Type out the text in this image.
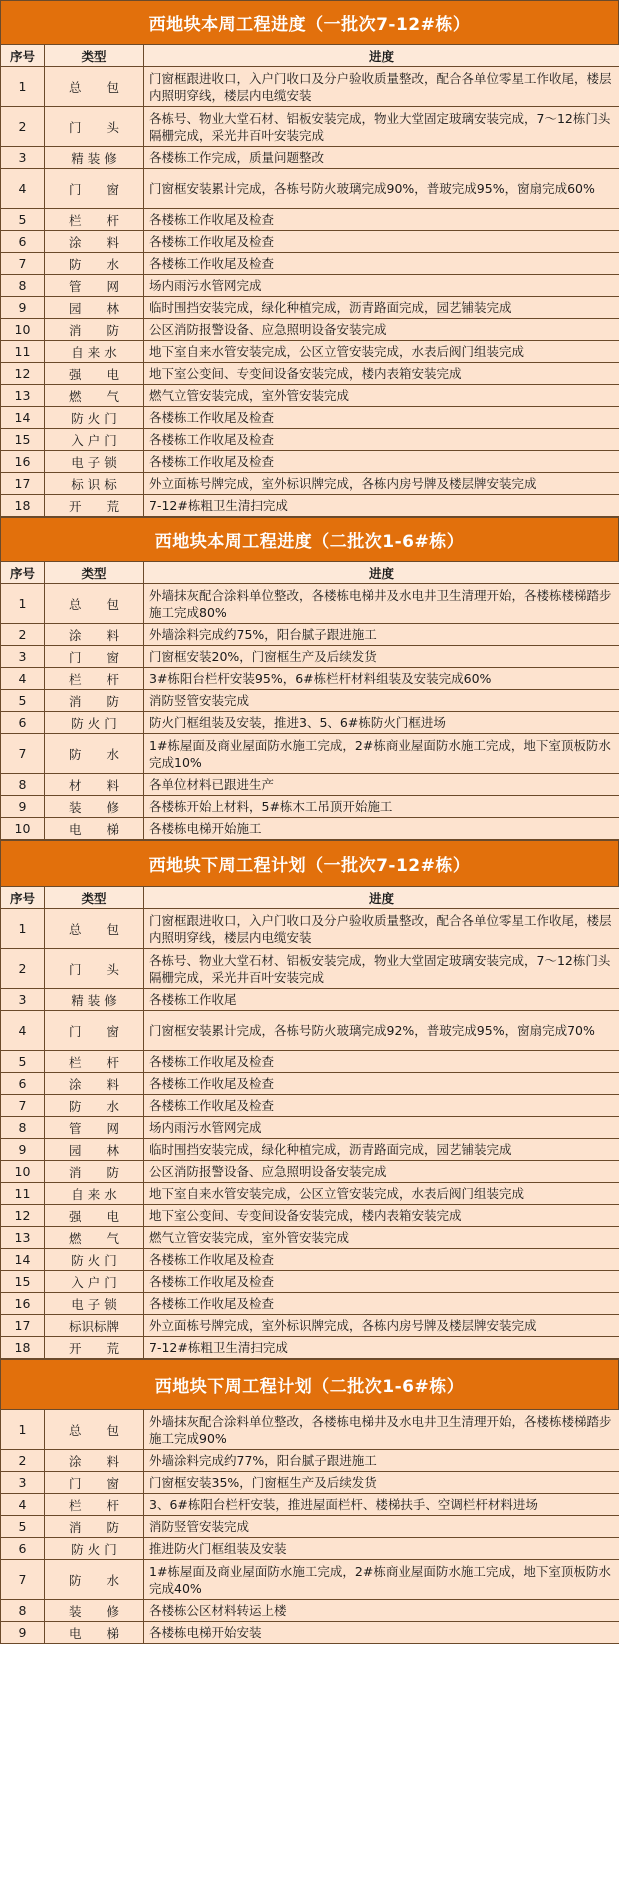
西地块本周工程进度（一批次7-12#栋）
序号	类型	进度
1	总　　包	门窗框跟进收口，入户门收口及分户验收质量整改，配合各单位零星工作收尾，楼层内照明穿线，楼层内电缆安装
2	门　　头	各栋号、物业大堂石材、铝板安装完成，物业大堂固定玻璃安装完成，7～12栋门头隔栅完成，采光井百叶安装完成
3	精 装 修	各楼栋工作完成，质量问题整改
4	门　　窗	门窗框安装累计完成，各栋号防火玻璃完成90%，普玻完成95%，窗扇完成60%
5	栏　　杆	各楼栋工作收尾及检查
6	涂　　料	各楼栋工作收尾及检查
7	防　　水	各楼栋工作收尾及检查
8	管　　网	场内雨污水管网完成
9	园　　林	临时围挡安装完成，绿化种植完成，沥青路面完成，园艺铺装完成
10	消　　防	公区消防报警设备、应急照明设备安装完成
11	自 来 水	地下室自来水管安装完成，公区立管安装完成，水表后阀门组装完成
12	强　　电	地下室公变间、专变间设备安装完成，楼内表箱安装完成
13	燃　　气	燃气立管安装完成，室外管安装完成
14	防 火 门	各楼栋工作收尾及检查
15	入 户 门	各楼栋工作收尾及检查
16	电 子 锁	各楼栋工作收尾及检查
17	标 识 标	外立面栋号牌完成，室外标识牌完成，各栋内房号牌及楼层牌安装完成
18	开　　荒	7-12#栋粗卫生清扫完成
西地块本周工程进度（二批次1-6#栋）
序号	类型	进度
1	总　　包	外墙抹灰配合涂料单位整改，各楼栋电梯井及水电井卫生清理开始，各楼栋楼梯踏步施工完成80%
2	涂　　料	外墙涂料完成约75%，阳台腻子跟进施工
3	门　　窗	门窗框安装20%，门窗框生产及后续发货
4	栏　　杆	3#栋阳台栏杆安装95%，6#栋栏杆材料组装及安装完成60%
5	消　　防	消防竖管安装完成
6	防 火 门	防火门框组装及安装，推进3、5、6#栋防火门框进场
7	防　　水	1#栋屋面及商业屋面防水施工完成，2#栋商业屋面防水施工完成，地下室顶板防水完成10%
8	材　　料	各单位材料已跟进生产
9	装　　修	各楼栋开始上材料，5#栋木工吊顶开始施工
10	电　　梯	各楼栋电梯开始施工
西地块下周工程计划（一批次7-12#栋）
序号	类型	进度
1	总　　包	门窗框跟进收口，入户门收口及分户验收质量整改，配合各单位零星工作收尾，楼层内照明穿线，楼层内电缆安装
2	门　　头	各栋号、物业大堂石材、铝板安装完成，物业大堂固定玻璃安装完成，7～12栋门头隔栅完成，采光井百叶安装完成
3	精 装 修	各楼栋工作收尾
4	门　　窗	门窗框安装累计完成，各栋号防火玻璃完成92%，普玻完成95%，窗扇完成70%
5	栏　　杆	各楼栋工作收尾及检查
6	涂　　料	各楼栋工作收尾及检查
7	防　　水	各楼栋工作收尾及检查
8	管　　网	场内雨污水管网完成
9	园　　林	临时围挡安装完成，绿化种植完成，沥青路面完成，园艺铺装完成
10	消　　防	公区消防报警设备、应急照明设备安装完成
11	自 来 水	地下室自来水管安装完成，公区立管安装完成，水表后阀门组装完成
12	强　　电	地下室公变间、专变间设备安装完成，楼内表箱安装完成
13	燃　　气	燃气立管安装完成，室外管安装完成
14	防 火 门	各楼栋工作收尾及检查
15	入 户 门	各楼栋工作收尾及检查
16	电 子 锁	各楼栋工作收尾及检查
17	标识标牌	外立面栋号牌完成，室外标识牌完成，各栋内房号牌及楼层牌安装完成
18	开　　荒	7-12#栋粗卫生清扫完成
西地块下周工程计划（二批次1-6#栋）
1	总　　包	外墙抹灰配合涂料单位整改，各楼栋电梯井及水电井卫生清理开始，各楼栋楼梯踏步施工完成90%
2	涂　　料	外墙涂料完成约77%，阳台腻子跟进施工
3	门　　窗	门窗框安装35%，门窗框生产及后续发货
4	栏　　杆	3、6#栋阳台栏杆安装，推进屋面栏杆、楼梯扶手、空调栏杆材料进场
5	消　　防	消防竖管安装完成
6	防 火 门	推进防火门框组装及安装
7	防　　水	1#栋屋面及商业屋面防水施工完成，2#栋商业屋面防水施工完成，地下室顶板防水完成40%
8	装　　修	各楼栋公区材料转运上楼
9	电　　梯	各楼栋电梯开始安装
